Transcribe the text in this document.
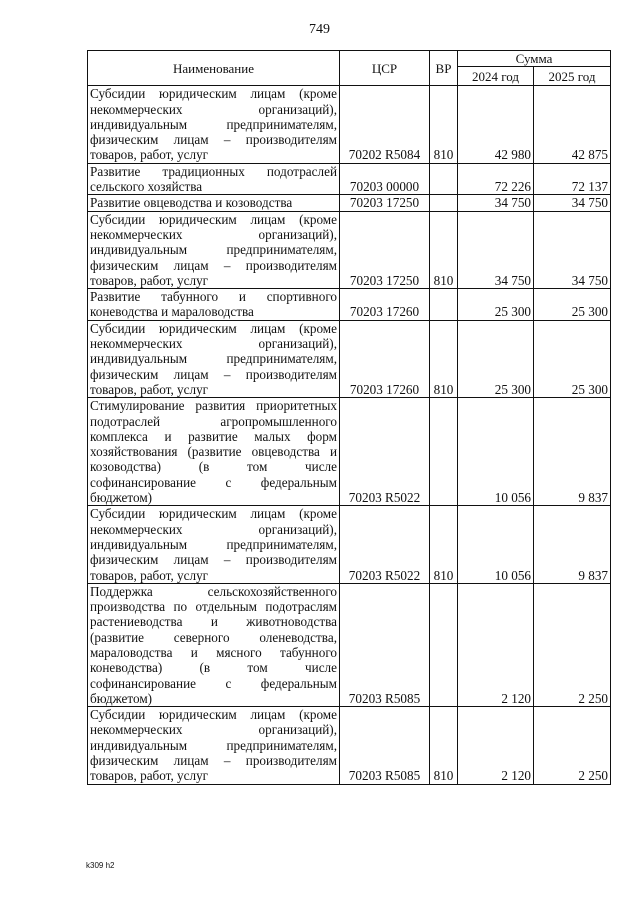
749
Наименование	ЦСР	ВР	Сумма	
			2024 год	2025 год
Субсидии юридическим лицам (кроме некоммерческих организаций), индивидуальным предпринимателям, физическим лицам – производителям товаров, работ, услуг	70202 R5084	810	42 980	42 875
Развитие традиционных подотраслей сельского хозяйства	70203 00000		72 226	72 137
Развитие овцеводства и козоводства	70203 17250		34 750	34 750
Субсидии юридическим лицам (кроме некоммерческих организаций), индивидуальным предпринимателям, физическим лицам – производителям товаров, работ, услуг	70203 17250	810	34 750	34 750
Развитие табунного и спортивного коневодства и мараловодства	70203 17260		25 300	25 300
Субсидии юридическим лицам (кроме некоммерческих организаций), индивидуальным предпринимателям, физическим лицам – производителям товаров, работ, услуг	70203 17260	810	25 300	25 300
Стимулирование развития приоритетных подотраслей агропромышленного комплекса и развитие малых форм хозяйствования (развитие овцеводства и козоводства) (в том числе софинансирование с федеральным бюджетом)	70203 R5022		10 056	9 837
Субсидии юридическим лицам (кроме некоммерческих организаций), индивидуальным предпринимателям, физическим лицам – производителям товаров, работ, услуг	70203 R5022	810	10 056	9 837
Поддержка сельскохозяйственного производства по отдельным подотраслям растениеводства и животноводства (развитие северного оленеводства, мараловодства и мясного табунного коневодства) (в том числе софинансирование с федеральным бюджетом)	70203 R5085		2 120	2 250
Субсидии юридическим лицам (кроме некоммерческих организаций), индивидуальным предпринимателям, физическим лицам – производителям товаров, работ, услуг	70203 R5085	810	2 120	2 250
k309 h2
